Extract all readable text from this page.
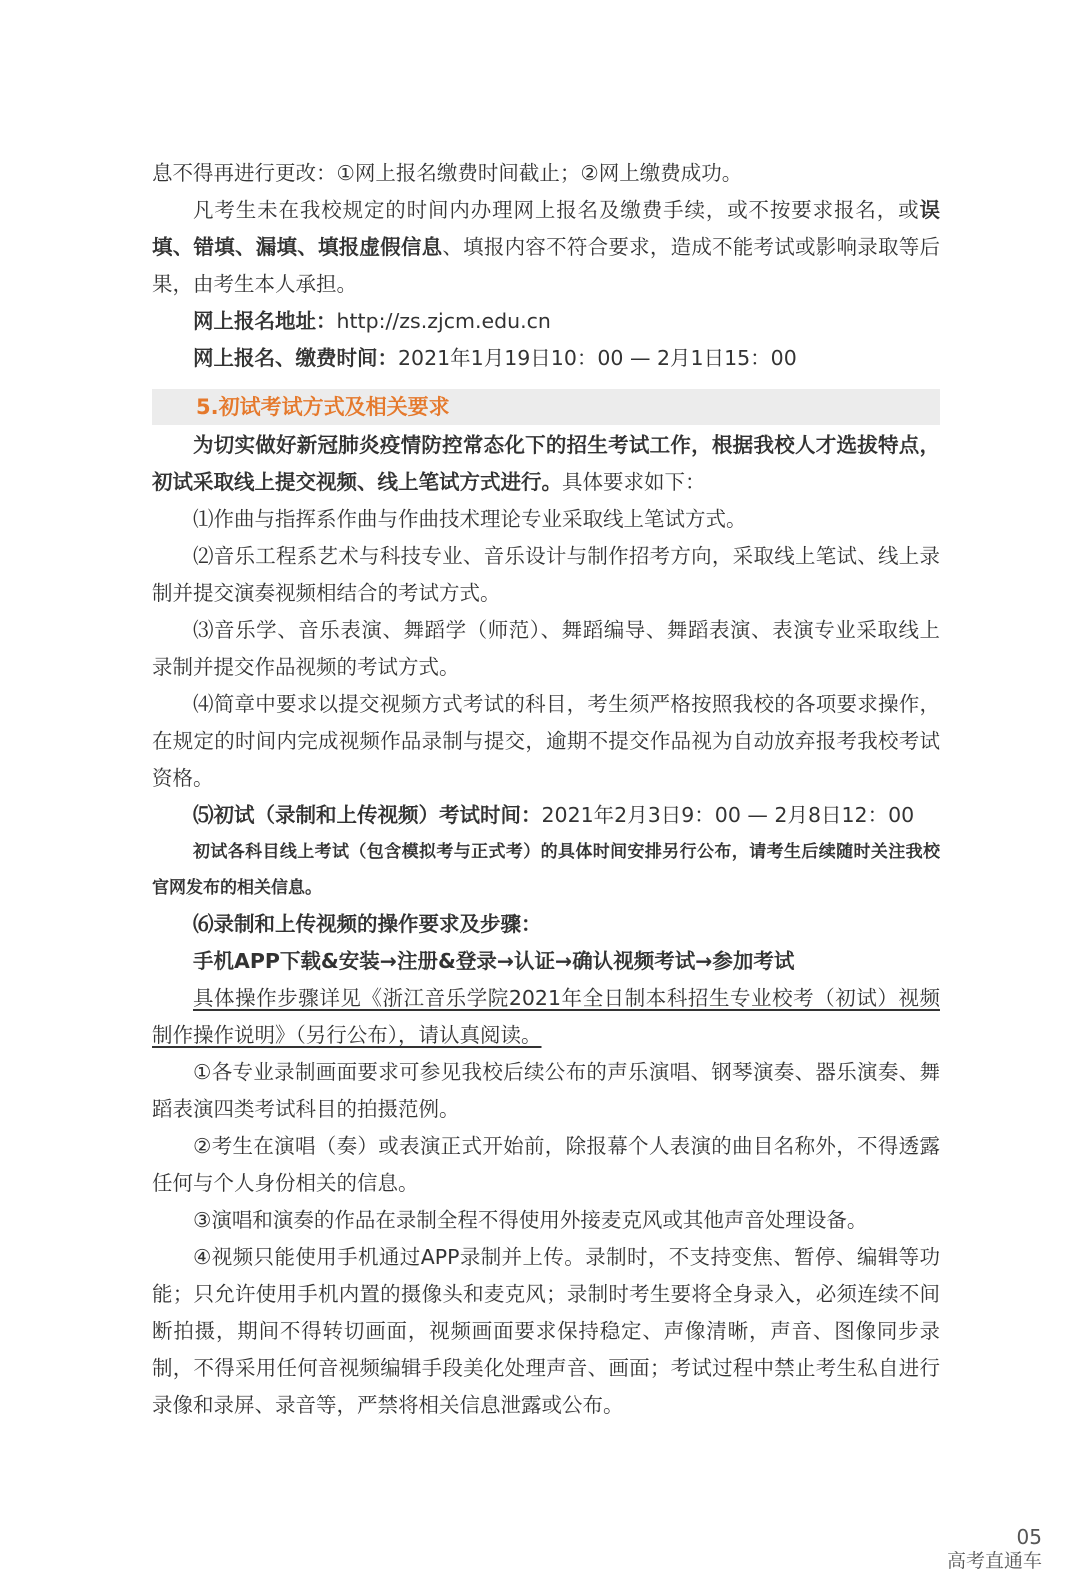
息不得再进行更改：①网上报名缴费时间截止；②网上缴费成功。

凡考生未在我校规定的时间内办理网上报名及缴费手续，或不按要求报名，或误填、错填、漏填、填报虚假信息、填报内容不符合要求，造成不能考试或影响录取等后果，由考生本人承担。

网上报名地址：http://zs.zjcm.edu.cn

网上报名、缴费时间：2021年1月19日10：00 — 2月1日15：00

5.初试考试方式及相关要求

为切实做好新冠肺炎疫情防控常态化下的招生考试工作，根据我校人才选拔特点，初试采取线上提交视频、线上笔试方式进行。具体要求如下：

⑴作曲与指挥系作曲与作曲技术理论专业采取线上笔试方式。

⑵音乐工程系艺术与科技专业、音乐设计与制作招考方向，采取线上笔试、线上录制并提交演奏视频相结合的考试方式。

⑶音乐学、音乐表演、舞蹈学（师范）、舞蹈编导、舞蹈表演、表演专业采取线上录制并提交作品视频的考试方式。

⑷简章中要求以提交视频方式考试的科目，考生须严格按照我校的各项要求操作，在规定的时间内完成视频作品录制与提交，逾期不提交作品视为自动放弃报考我校考试资格。

⑸初试（录制和上传视频）考试时间：2021年2月3日9：00 — 2月8日12：00

初试各科目线上考试（包含模拟考与正式考）的具体时间安排另行公布，请考生后续随时关注我校官网发布的相关信息。

⑹录制和上传视频的操作要求及步骤：

手机APP下载&安装→注册&登录→认证→确认视频考试→参加考试

具体操作步骤详见《浙江音乐学院2021年全日制本科招生专业校考（初试）视频制作操作说明》（另行公布），请认真阅读。

①各专业录制画面要求可参见我校后续公布的声乐演唱、钢琴演奏、器乐演奏、舞蹈表演四类考试科目的拍摄范例。

②考生在演唱（奏）或表演正式开始前，除报幕个人表演的曲目名称外，不得透露任何与个人身份相关的信息。

③演唱和演奏的作品在录制全程不得使用外接麦克风或其他声音处理设备。

④视频只能使用手机通过APP录制并上传。录制时，不支持变焦、暂停、编辑等功能；只允许使用手机内置的摄像头和麦克风；录制时考生要将全身录入，必须连续不间断拍摄，期间不得转切画面，视频画面要求保持稳定、声像清晰，声音、图像同步录制，不得采用任何音视频编辑手段美化处理声音、画面；考试过程中禁止考生私自进行录像和录屏、录音等，严禁将相关信息泄露或公布。

05
高考直通车
